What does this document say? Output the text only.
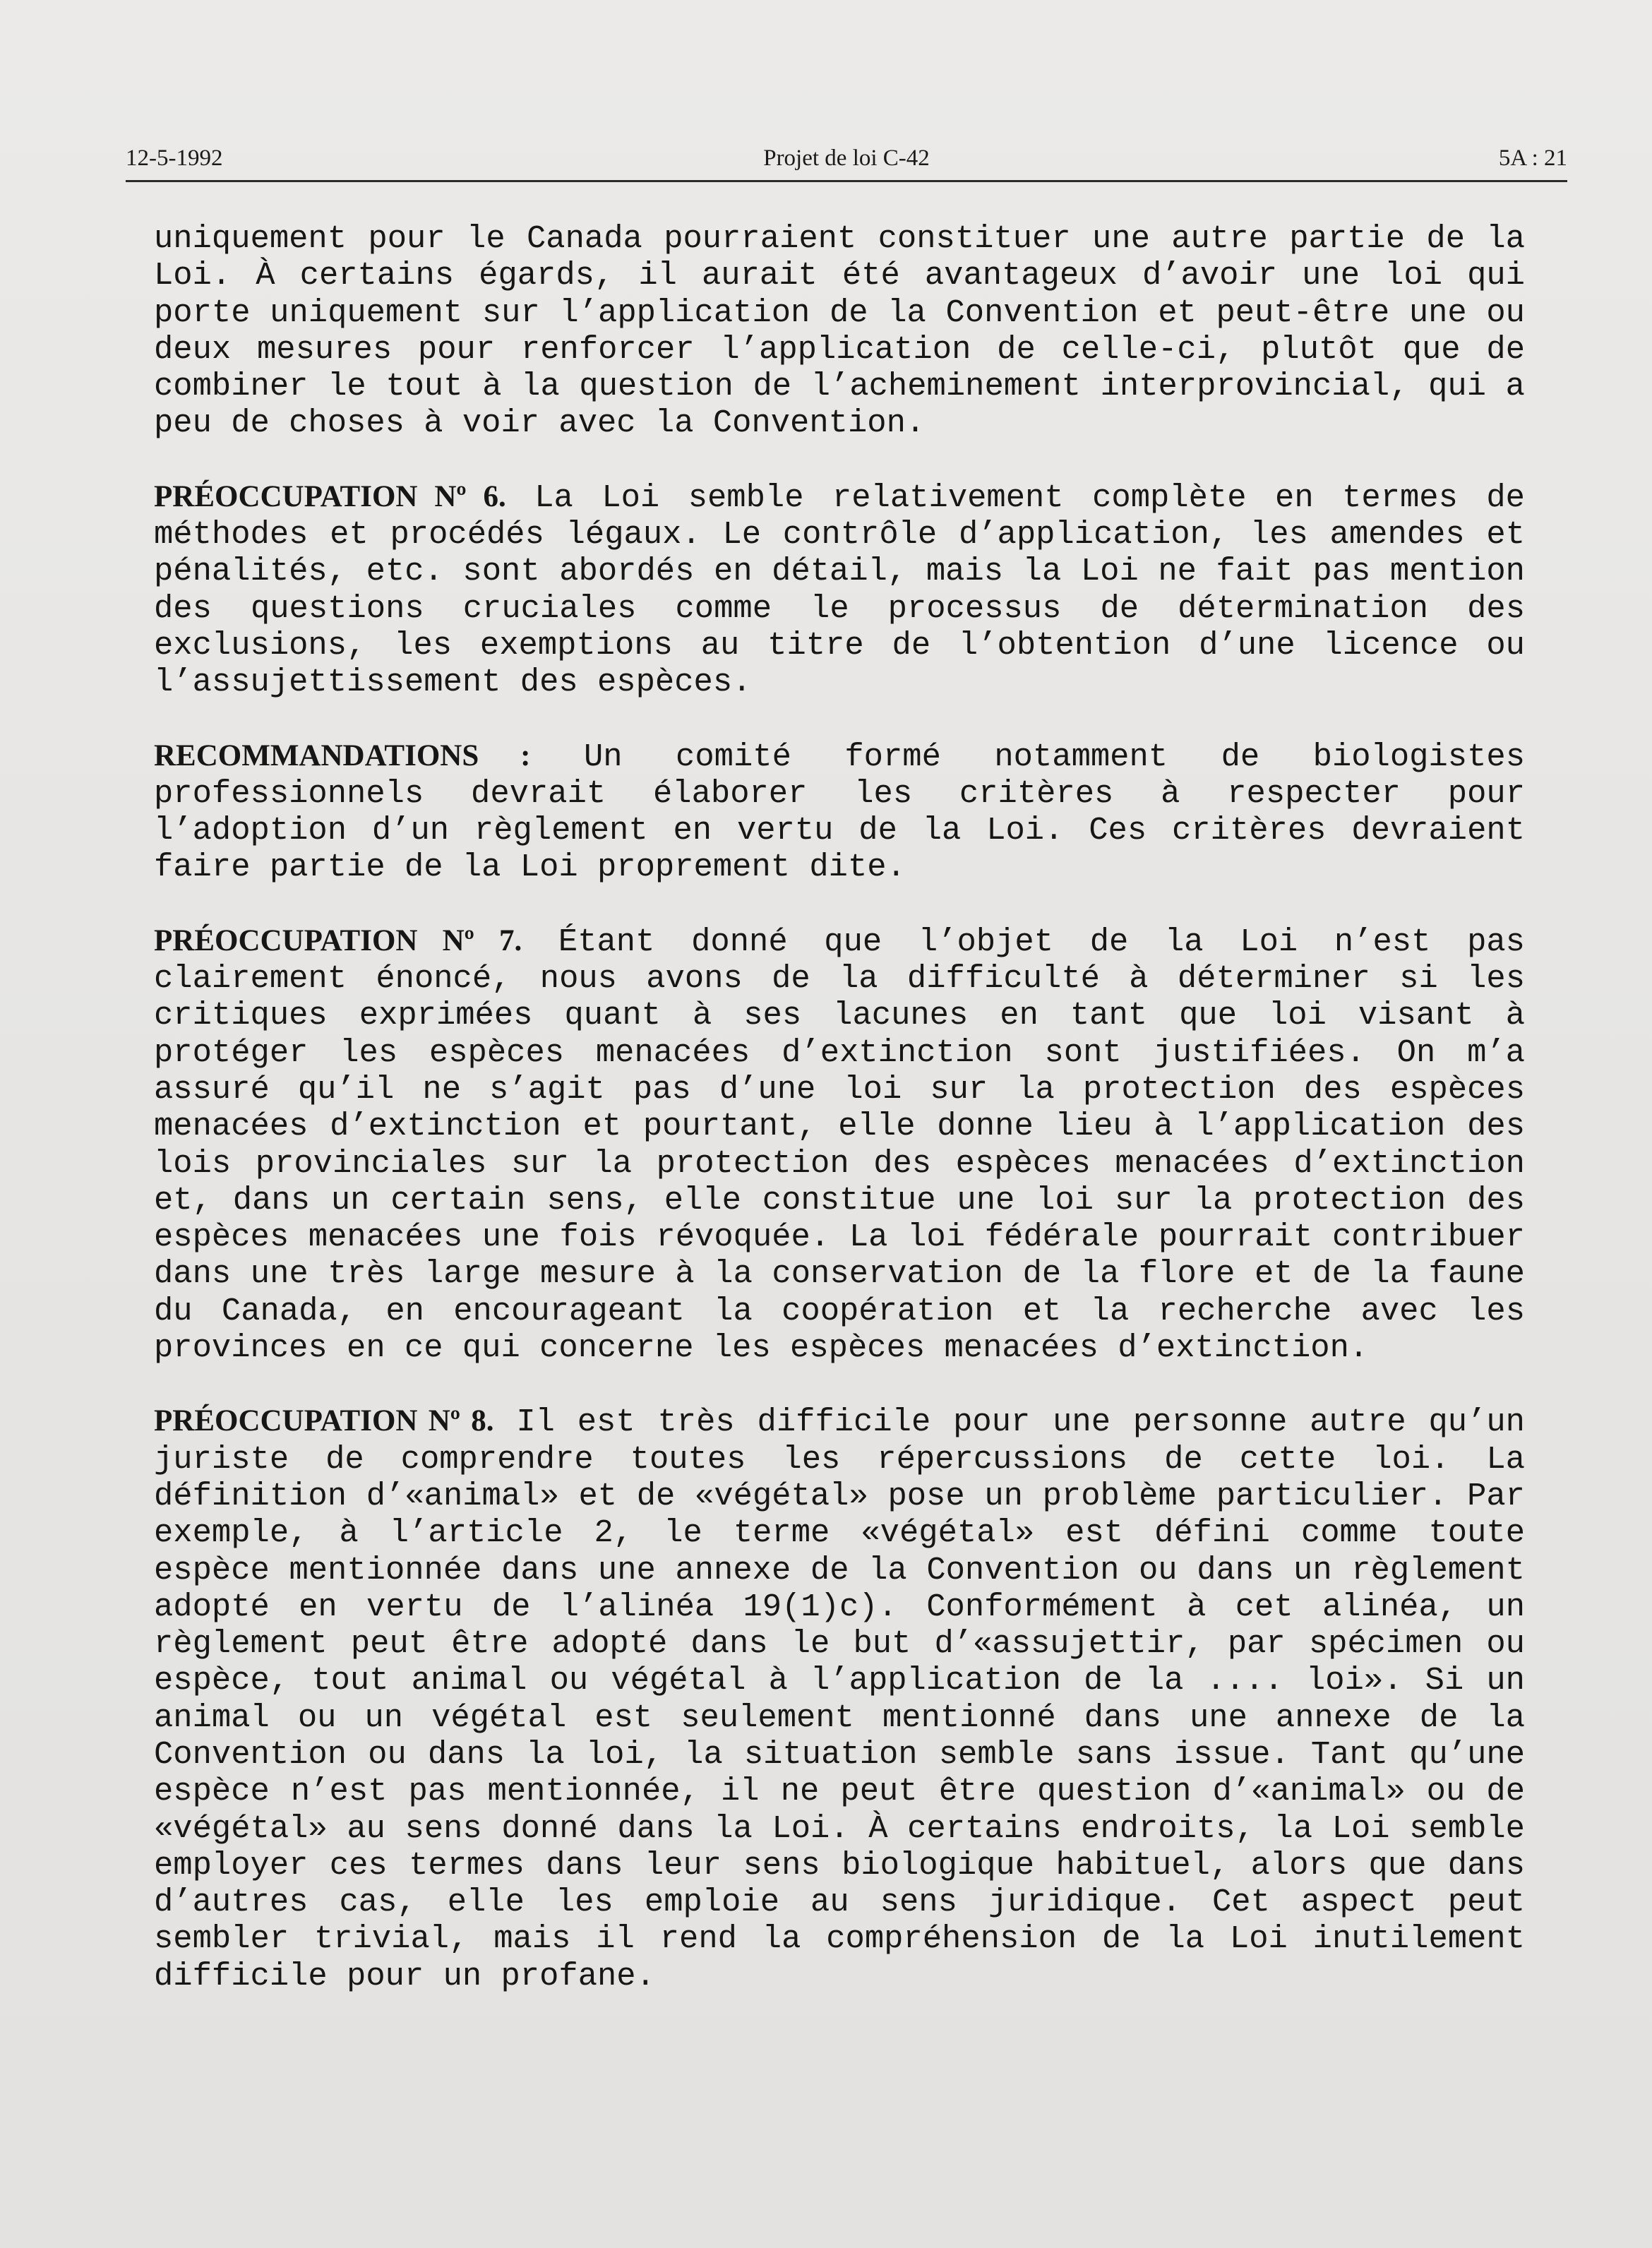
12-5-1992	Projet de loi C-42	5A : 21

uniquement pour le Canada pourraient constituer une autre partie de la Loi. À certains égards, il aurait été avantageux d’avoir une loi qui porte uniquement sur l’application de la Convention et peut-être une ou deux mesures pour renforcer l’application de celle-ci, plutôt que de combiner le tout à la question de l’acheminement interprovincial, qui a peu de choses à voir avec la Convention.

PRÉOCCUPATION Nº 6. La Loi semble relativement complète en termes de méthodes et procédés légaux. Le contrôle d’application, les amendes et pénalités, etc. sont abordés en détail, mais la Loi ne fait pas mention des questions cruciales comme le processus de détermination des exclusions, les exemptions au titre de l’obtention d’une licence ou l’assujettissement des espèces.

RECOMMANDATIONS : Un comité formé notamment de biologistes professionnels devrait élaborer les critères à respecter pour l’adoption d’un règlement en vertu de la Loi. Ces critères devraient faire partie de la Loi proprement dite.

PRÉOCCUPATION Nº 7. Étant donné que l’objet de la Loi n’est pas clairement énoncé, nous avons de la difficulté à déterminer si les critiques exprimées quant à ses lacunes en tant que loi visant à protéger les espèces menacées d’extinction sont justifiées. On m’a assuré qu’il ne s’agit pas d’une loi sur la protection des espèces menacées d’extinction et pourtant, elle donne lieu à l’application des lois provinciales sur la protection des espèces menacées d’extinction et, dans un certain sens, elle constitue une loi sur la protection des espèces menacées une fois révoquée. La loi fédérale pourrait contribuer dans une très large mesure à la conservation de la flore et de la faune du Canada, en encourageant la coopération et la recherche avec les provinces en ce qui concerne les espèces menacées d’extinction.

PRÉOCCUPATION Nº 8. Il est très difficile pour une personne autre qu’un juriste de comprendre toutes les répercussions de cette loi. La définition d’«animal» et de «végétal» pose un problème particulier. Par exemple, à l’article 2, le terme «végétal» est défini comme toute espèce mentionnée dans une annexe de la Convention ou dans un règlement adopté en vertu de l’alinéa 19(1)c). Conformément à cet alinéa, un règlement peut être adopté dans le but d’«assujettir, par spécimen ou espèce, tout animal ou végétal à l’application de la .... loi». Si un animal ou un végétal est seulement mentionné dans une annexe de la Convention ou dans la loi, la situation semble sans issue. Tant qu’une espèce n’est pas mentionnée, il ne peut être question d’«animal» ou de «végétal» au sens donné dans la Loi. À certains endroits, la Loi semble employer ces termes dans leur sens biologique habituel, alors que dans d’autres cas, elle les emploie au sens juridique. Cet aspect peut sembler trivial, mais il rend la compréhension de la Loi inutilement difficile pour un profane.
